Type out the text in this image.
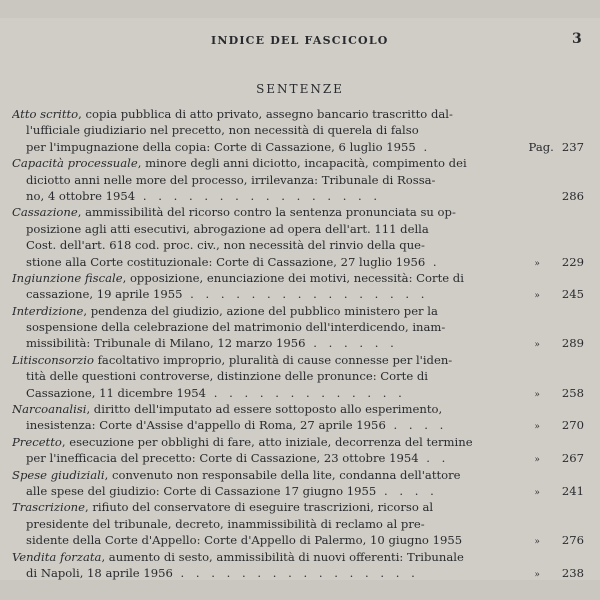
INDICE DEL FASCICOLO	3
SENTENZE
Atto scritto, copia pubblica di atto privato, assegno bancario trascritto dal-
l'ufficiale giudiziario nel precetto, non necessità di querela di falso
per l'impugnazione della copia: Corte di Cassazione, 6 luglio 1955 .	Pag. 237
Capacità processuale, minore degli anni diciotto, incapacità, compimento dei
diciotto anni nelle more del processo, irrilevanza: Tribunale di Rossa-
no, 4 ottobre 1954 . . . . . . . . . . . . . . . .	286
Cassazione, ammissibilità del ricorso contro la sentenza pronunciata su op-
posizione agli atti esecutivi, abrogazione ad opera dell'art. 111 della
Cost. dell'art. 618 cod. proc. civ., non necessità del rinvio della que-
stione alla Corte costituzionale: Corte di Cassazione, 27 luglio 1956 .	» 229
Ingiunzione fiscale, opposizione, enunciazione dei motivi, necessità: Corte di
cassazione, 19 aprile 1955 . . . . . . . . . . . . . . . .	» 245
Interdizione, pendenza del giudizio, azione del pubblico ministero per la
sospensione della celebrazione del matrimonio dell'interdicendo, inam-
missibilità: Tribunale di Milano, 12 marzo 1956 . . . . . .	» 289
Litisconsorzio facoltativo improprio, pluralità di cause connesse per l'iden-
tità delle questioni controverse, distinzione delle pronunce: Corte di
Cassazione, 11 dicembre 1954 . . . . . . . . . . . . .	» 258
Narcoanalisi, diritto dell'imputato ad essere sottoposto allo esperimento,
inesistenza: Corte d'Assise d'appello di Roma, 27 aprile 1956 . . . .	» 270
Precetto, esecuzione per obblighi di fare, atto iniziale, decorrenza del termine
per l'inefficacia del precetto: Corte di Cassazione, 23 ottobre 1954 . .	» 267
Spese giudiziali, convenuto non responsabile della lite, condanna dell'attore
alle spese del giudizio: Corte di Cassazione 17 giugno 1955 . . . .	» 241
Trascrizione, rifiuto del conservatore di eseguire trascrizioni, ricorso al
presidente del tribunale, decreto, inammissibilità di reclamo al pre-
sidente della Corte d'Appello: Corte d'Appello di Palermo, 10 giugno 1955	» 276
Vendita forzata, aumento di sesto, ammissibilità di nuovi offerenti: Tribunale
di Napoli, 18 aprile 1956 . . . . . . . . . . . . . . . .	» 238
